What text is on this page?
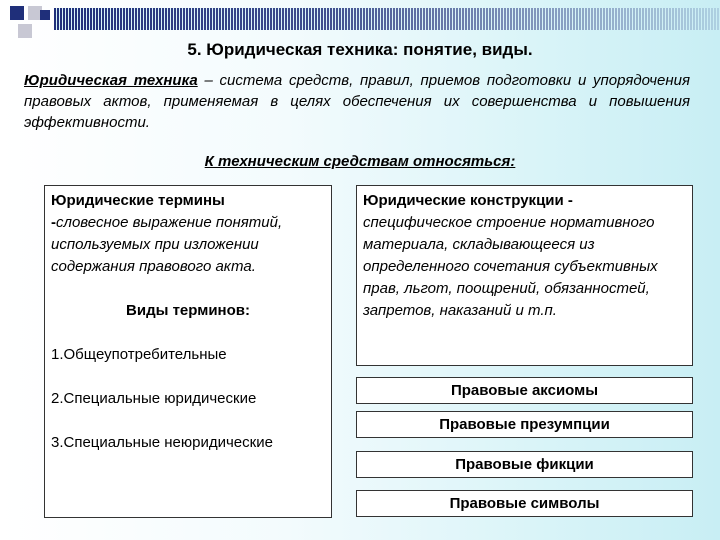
5. Юридическая техника: понятие, виды.
Юридическая техника – система средств, правил, приемов подготовки и упорядочения правовых актов, применяемая в целях обеспечения их совершенства и повышения эффективности.
К техническим средствам относяться:
Юридические термины
-словесное выражение понятий, используемых при изложении содержания правового акта.
Виды терминов:
1.Общеупотребительные
2.Специальные юридические
3.Специальные неюридические
Юридические конструкции -
специфическое строение нормативного материала, складывающееся из определенного сочетания субъективных прав, льгот, поощрений, обязанностей, запретов, наказаний и т.п.
Правовые аксиомы
Правовые презумпции
Правовые фикции
Правовые символы
